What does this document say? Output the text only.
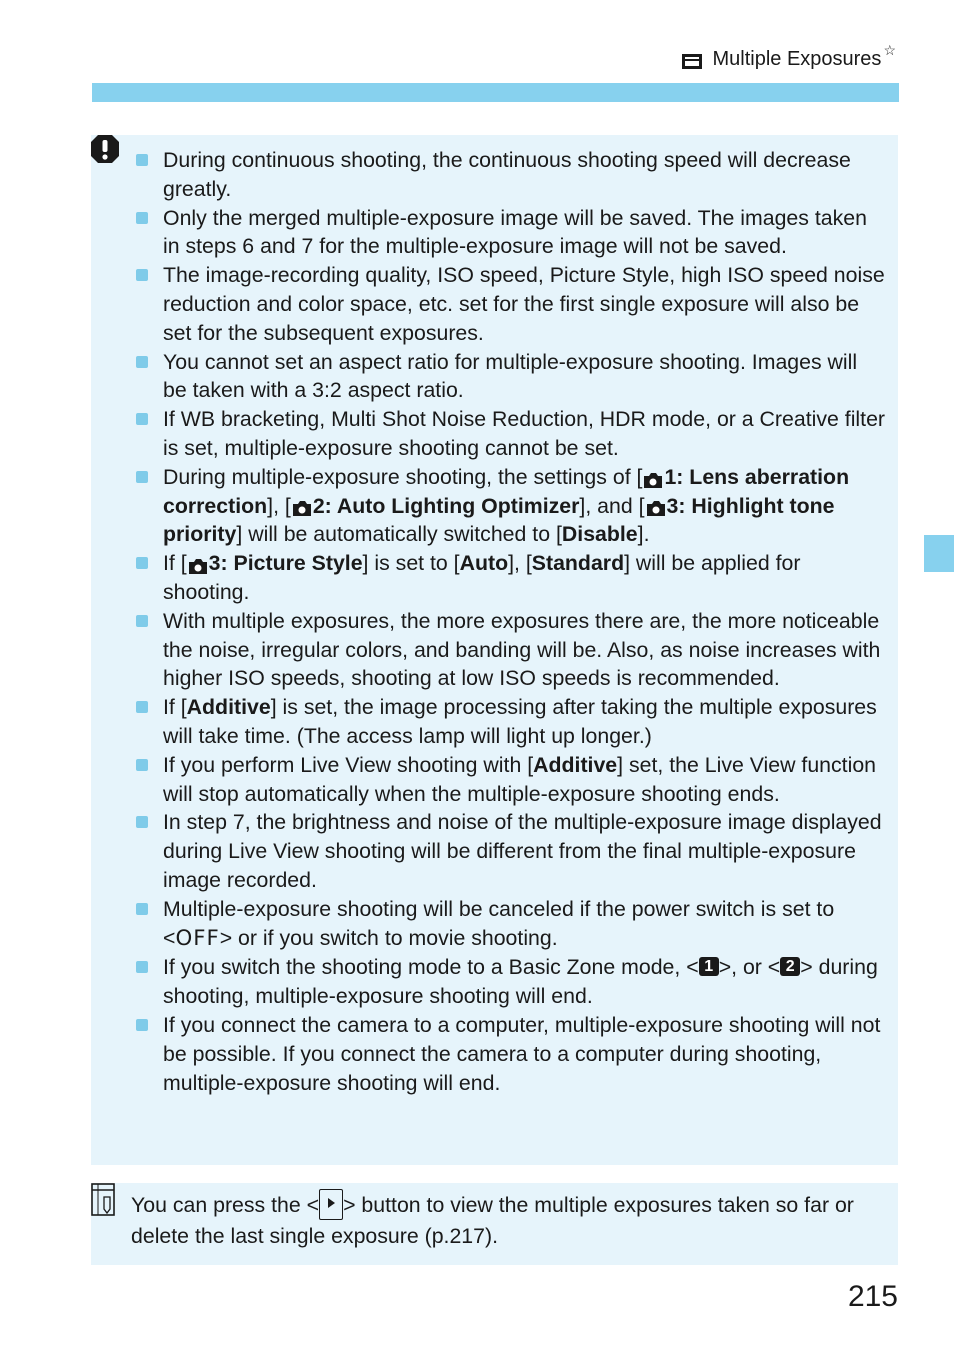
Multiple Exposures ☆
During continuous shooting, the continuous shooting speed will decrease greatly.
Only the merged multiple-exposure image will be saved. The images taken in steps 6 and 7 for the multiple-exposure image will not be saved.
The image-recording quality, ISO speed, Picture Style, high ISO speed noise reduction and color space, etc. set for the first single exposure will also be set for the subsequent exposures.
You cannot set an aspect ratio for multiple-exposure shooting. Images will be taken with a 3:2 aspect ratio.
If WB bracketing, Multi Shot Noise Reduction, HDR mode, or a Creative filter is set, multiple-exposure shooting cannot be set.
During multiple-exposure shooting, the settings of [ 1: Lens aberration correction], [ 2: Auto Lighting Optimizer], and [ 3: Highlight tone priority] will be automatically switched to [Disable].
If [ 3: Picture Style] is set to [Auto], [Standard] will be applied for shooting.
With multiple exposures, the more exposures there are, the more noticeable the noise, irregular colors, and banding will be. Also, as noise increases with higher ISO speeds, shooting at low ISO speeds is recommended.
If [Additive] is set, the image processing after taking the multiple exposures will take time. (The access lamp will light up longer.)
If you perform Live View shooting with [Additive] set, the Live View function will stop automatically when the multiple-exposure shooting ends.
In step 7, the brightness and noise of the multiple-exposure image displayed during Live View shooting will be different from the final multiple-exposure image recorded.
Multiple-exposure shooting will be canceled if the power switch is set to <OFF> or if you switch to movie shooting.
If you switch the shooting mode to a Basic Zone mode, < 1 >, or < 2 > during shooting, multiple-exposure shooting will end.
If you connect the camera to a computer, multiple-exposure shooting will not be possible. If you connect the camera to a computer during shooting, multiple-exposure shooting will end.

You can press the < > button to view the multiple exposures taken so far or delete the last single exposure (p.217).

215
